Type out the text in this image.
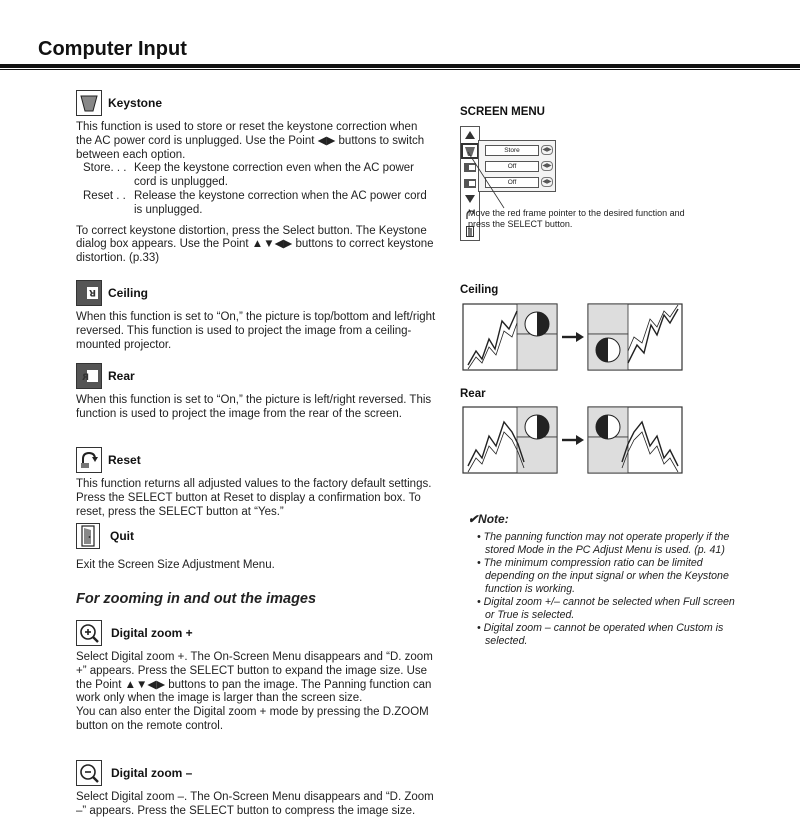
Computer Input
Keystone

This function is used to store or reset the keystone correction when the AC power cord is unplugged. Use the Point ◀▶ buttons to switch between each option.

Store. . . Keep the keystone correction even when the AC power cord is unplugged.
Reset . . Release the keystone correction when the AC power cord is unplugged.

To correct keystone distortion, press the Select button. The Keystone dialog box appears. Use the Point ▲▼◀▶ buttons to correct keystone distortion. (p.33)

R Ceiling

When this function is set to “On,” the picture is top/bottom and left/right reversed. This function is used to project the image from a ceiling-mounted projector.

R Rear

When this function is set to “On,” the picture is left/right reversed. This function is used to project the image from the rear of the screen.

Reset

This function returns all adjusted values to the factory default settings. Press the SELECT button at Reset to display a confirmation box. To reset, press the SELECT button at “Yes.”

Quit

Exit the Screen Size Adjustment Menu.

For zooming in and out the images
Digital zoom +

Select Digital zoom +. The On-Screen Menu disappears and “D. zoom +” appears. Press the SELECT button to expand the image size. Use the Point ▲▼◀▶ buttons to pan the image. The Panning function can work only when the image is larger than the screen size.

You can also enter the Digital zoom + mode by pressing the D.ZOOM button on the remote control.

Digital zoom –

Select Digital zoom –. The On-Screen Menu disappears and “D. Zoom –” appears. Press the SELECT button to compress the image size.

SCREEN MENU
Store	◀▶
Off	◀▶
Off	◀▶
Move the red frame pointer to the desired function and press the SELECT button.
Ceiling
Rear
✔Note:
• The panning function may not operate properly if the stored Mode in the PC Adjust Menu is used. (p. 41)
• The minimum compression ratio can be limited depending on the input signal or when the Keystone function is working.
• Digital zoom +/– cannot be selected when Full screen or True is selected.
• Digital zoom – cannot be operated when Custom is selected.
